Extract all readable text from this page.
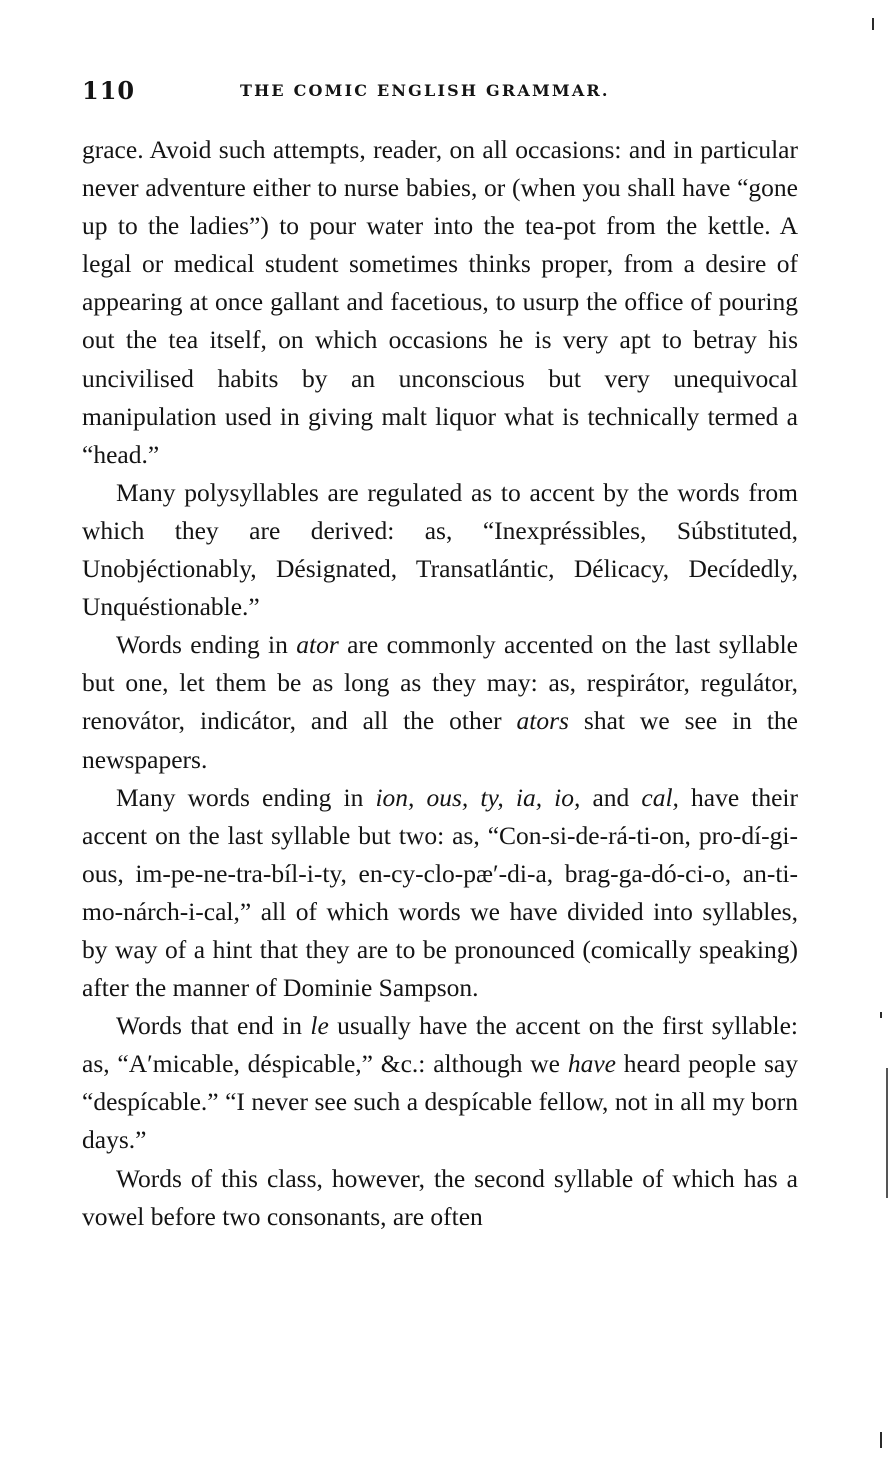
110	THE COMIC ENGLISH GRAMMAR.

grace. Avoid such attempts, reader, on all occasions: and in particular never adventure either to nurse babies, or (when you shall have “gone up to the ladies”) to pour water into the tea-pot from the kettle. A legal or medical student sometimes thinks proper, from a desire of appearing at once gallant and facetious, to usurp the office of pouring out the tea itself, on which occasions he is very apt to betray his uncivilised habits by an unconscious but very unequivocal manipulation used in giving malt liquor what is technically termed a “head.”

Many polysyllables are regulated as to accent by the words from which they are derived: as, “Inexpréssibles, Súbstituted, Unobjéctionably, Désignated, Transatlántic, Délicacy, Decídedly, Unquéstionable.”

Words ending in ator are commonly accented on the last syllable but one, let them be as long as they may: as, respirátor, regulátor, renovátor, indicátor, and all the other ators shat we see in the newspapers.

Many words ending in ion, ous, ty, ia, io, and cal, have their accent on the last syllable but two: as, “Con-si-de-rá-ti-on, pro-dí-gi-ous, im-pe-ne-tra-bíl-i-ty, en-cy-clo-pæ′-di-a, brag-ga-dó-ci-o, an-ti-mo-nárch-i-cal,” all of which words we have divided into syllables, by way of a hint that they are to be pronounced (comically speaking) after the manner of Dominie Sampson.

Words that end in le usually have the accent on the first syllable: as, “A′micable, déspicable,” &c.: although we have heard people say “despícable.” “I never see such a despícable fellow, not in all my born days.”

Words of this class, however, the second syllable of which has a vowel before two consonants, are often
